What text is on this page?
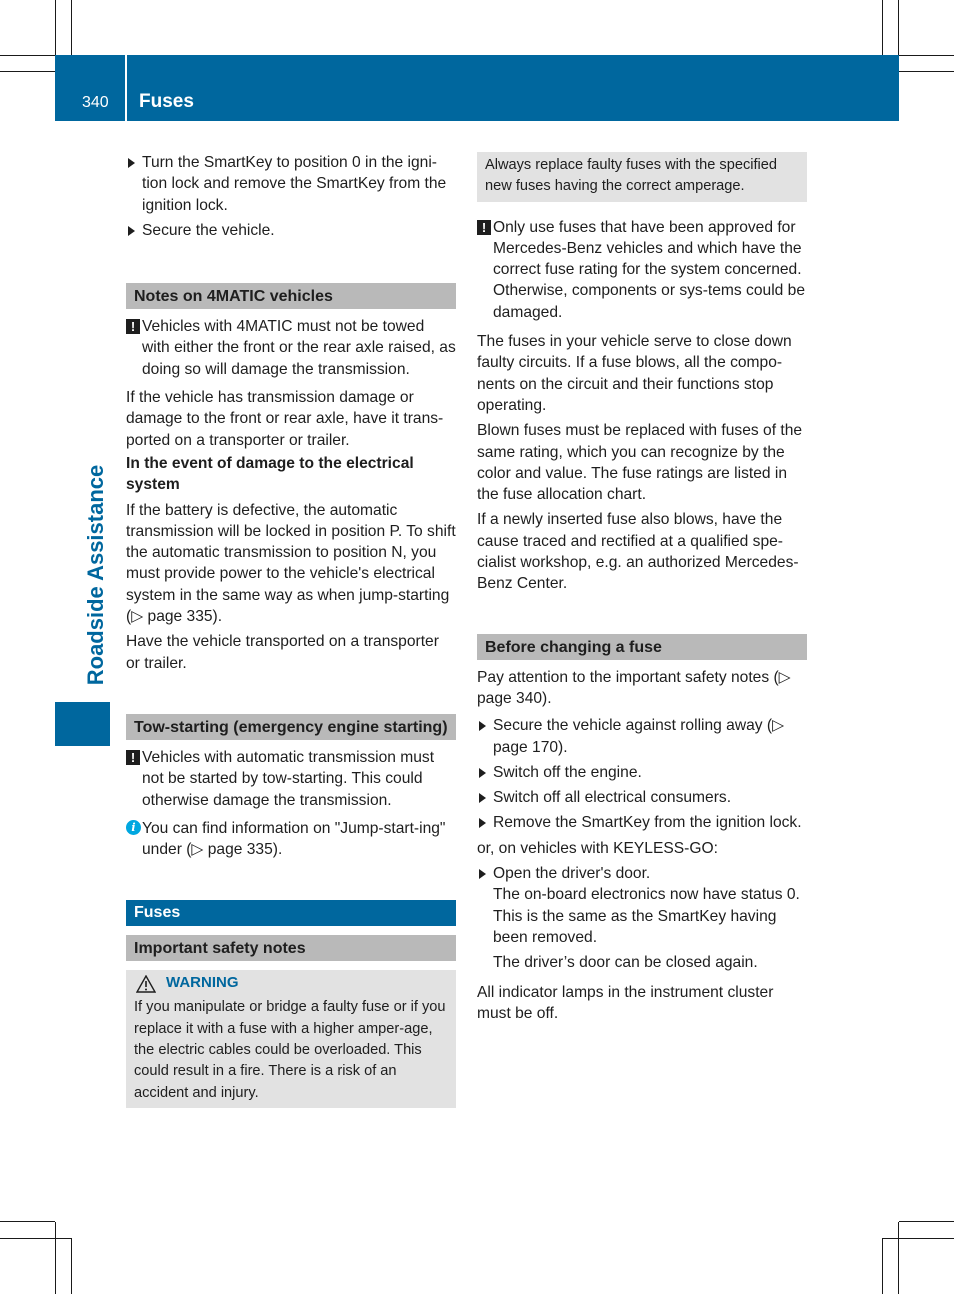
340 Fuses
Roadside Assistance

Turn the SmartKey to position 0 in the igni-tion lock and remove the SmartKey from the ignition lock.

Secure the vehicle.

Notes on 4MATIC vehicles
! Vehicles with 4MATIC must not be towed with either the front or the rear axle raised, as doing so will damage the transmission.

If the vehicle has transmission damage or damage to the front or rear axle, have it trans-ported on a transporter or trailer.

In the event of damage to the electrical system

If the battery is defective, the automatic transmission will be locked in position P. To shift the automatic transmission to position N, you must provide power to the vehicle's electrical system in the same way as when jump-starting (▷ page 335).

Have the vehicle transported on a transporter or trailer.

Tow-starting (emergency engine starting)
! Vehicles with automatic transmission must not be started by tow-starting. This could otherwise damage the transmission.

i You can find information on "Jump-start-ing" under (▷ page 335).

Fuses
Important safety notes
WARNING

If you manipulate or bridge a faulty fuse or if you replace it with a fuse with a higher amper-age, the electric cables could be overloaded. This could result in a fire. There is a risk of an accident and injury.

Always replace faulty fuses with the specified new fuses having the correct amperage.

! Only use fuses that have been approved for Mercedes-Benz vehicles and which have the correct fuse rating for the system concerned. Otherwise, components or sys-tems could be damaged.

The fuses in your vehicle serve to close down faulty circuits. If a fuse blows, all the compo-nents on the circuit and their functions stop operating.

Blown fuses must be replaced with fuses of the same rating, which you can recognize by the color and value. The fuse ratings are listed in the fuse allocation chart.

If a newly inserted fuse also blows, have the cause traced and rectified at a qualified spe-cialist workshop, e.g. an authorized Mercedes-Benz Center.

Before changing a fuse

Pay attention to the important safety notes (▷ page 340).

Secure the vehicle against rolling away (▷ page 170).

Switch off the engine.

Switch off all electrical consumers.

Remove the SmartKey from the ignition lock.

or, on vehicles with KEYLESS-GO:

Open the driver's door.

The on-board electronics now have status 0. This is the same as the SmartKey having been removed.

The driver’s door can be closed again.

All indicator lamps in the instrument cluster must be off.
